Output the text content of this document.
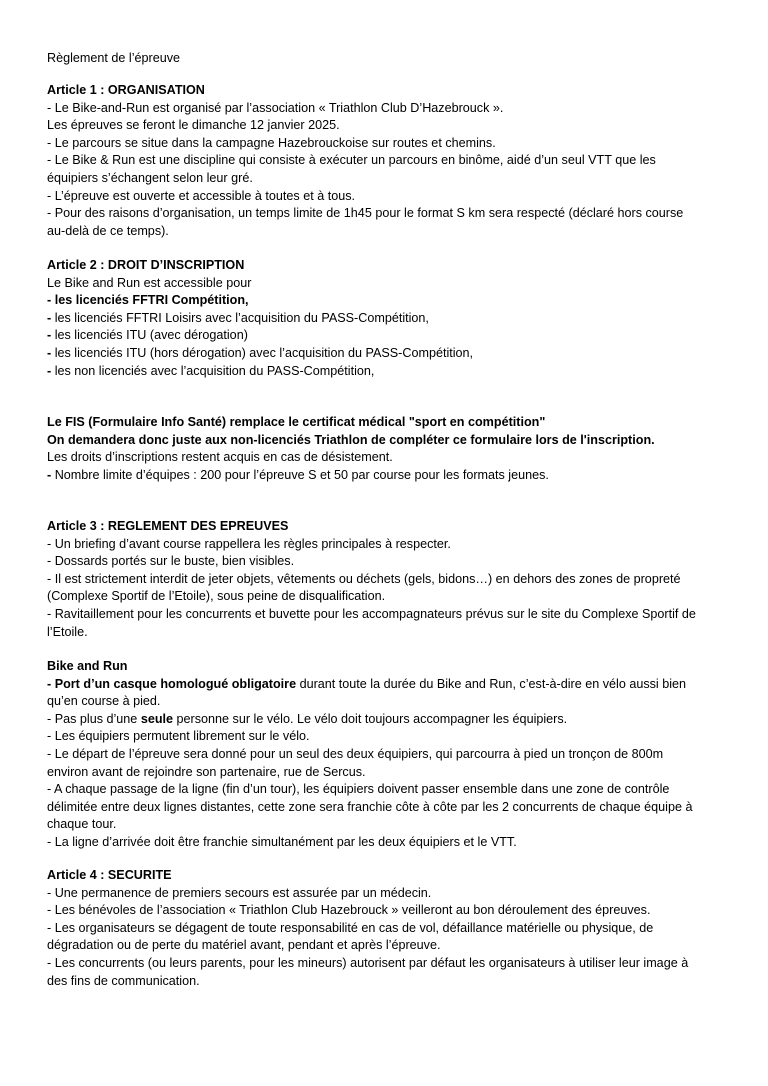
Règlement de l’épreuve
Article 1 : ORGANISATION
- Le Bike-and-Run est organisé par l’association « Triathlon Club D’Hazebrouck ».
Les épreuves se feront le dimanche 12 janvier 2025.
- Le parcours se situe dans la campagne Hazebrouckoise sur routes et chemins.
- Le Bike & Run est une discipline qui consiste à exécuter un parcours en binôme, aidé d’un seul VTT que les
équipiers s’échangent selon leur gré.
- L’épreuve est ouverte et accessible à toutes et à tous.
- Pour des raisons d’organisation, un temps limite de 1h45 pour le format S km sera respecté (déclaré hors course
au-delà de ce temps).
Article 2 : DROIT D’INSCRIPTION
Le Bike and Run est accessible pour
- les licenciés FFTRI Compétition,
- les licenciés FFTRI Loisirs avec l’acquisition du PASS-Compétition,
- les licenciés ITU (avec dérogation)
- les licenciés ITU (hors dérogation) avec l’acquisition du PASS-Compétition,
- les non licenciés avec l’acquisition du PASS-Compétition,
Le FIS (Formulaire Info Santé) remplace le certificat médical "sport en compétition"
On demandera donc juste aux non-licenciés Triathlon de compléter ce formulaire lors de l'inscription.
Les droits d’inscriptions restent acquis en cas de désistement.
- Nombre limite d’équipes : 200 pour l’épreuve S et 50 par course pour les formats jeunes.
Article 3 : REGLEMENT DES EPREUVES
- Un briefing d’avant course rappellera les règles principales à respecter.
- Dossards portés sur le buste, bien visibles.
- Il est strictement interdit de jeter objets, vêtements ou déchets (gels, bidons…) en dehors des zones de propreté
(Complexe Sportif de l’Etoile), sous peine de disqualification.
- Ravitaillement pour les concurrents et buvette pour les accompagnateurs prévus sur le site du Complexe Sportif de
l’Etoile.
Bike and Run
- Port d’un casque homologué obligatoire durant toute la durée du Bike and Run, c’est-à-dire en vélo aussi bien
qu’en course à pied.
- Pas plus d’une seule personne sur le vélo. Le vélo doit toujours accompagner les équipiers.
- Les équipiers permutent librement sur le vélo.
- Le départ de l’épreuve sera donné pour un seul des deux équipiers, qui parcourra à pied un tronçon de 800m
environ avant de rejoindre son partenaire, rue de Sercus.
- A chaque passage de la ligne (fin d’un tour), les équipiers doivent passer ensemble dans une zone de contrôle
délimitée entre deux lignes distantes, cette zone sera franchie côte à côte par les 2 concurrents de chaque équipe à
chaque tour.
- La ligne d’arrivée doit être franchie simultanément par les deux équipiers et le VTT.
Article 4 : SECURITE
- Une permanence de premiers secours est assurée par un médecin.
- Les bénévoles de l’association « Triathlon Club Hazebrouck » veilleront au bon déroulement des épreuves.
- Les organisateurs se dégagent de toute responsabilité en cas de vol, défaillance matérielle ou physique, de
dégradation ou de perte du matériel avant, pendant et après l’épreuve.
- Les concurrents (ou leurs parents, pour les mineurs) autorisent par défaut les organisateurs à utiliser leur image à
des fins de communication.
